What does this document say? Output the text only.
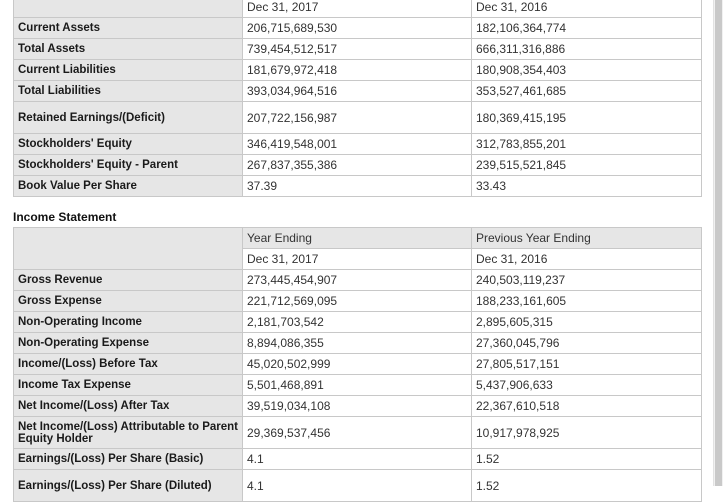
	Dec 31, 2017	Dec 31, 2016
Current Assets	206,715,689,530	182,106,364,774
Total Assets	739,454,512,517	666,311,316,886
Current Liabilities	181,679,972,418	180,908,354,403
Total Liabilities	393,034,964,516	353,527,461,685
Retained Earnings/(Deficit)	207,722,156,987	180,369,415,195
Stockholders' Equity	346,419,548,001	312,783,855,201
Stockholders' Equity - Parent	267,837,355,386	239,515,521,845
Book Value Per Share	37.39	33.43
Income Statement
	Year Ending	Previous Year Ending
	Dec 31, 2017	Dec 31, 2016
Gross Revenue	273,445,454,907	240,503,119,237
Gross Expense	221,712,569,095	188,233,161,605
Non-Operating Income	2,181,703,542	2,895,605,315
Non-Operating Expense	8,894,086,355	27,360,045,796
Income/(Loss) Before Tax	45,020,502,999	27,805,517,151
Income Tax Expense	5,501,468,891	5,437,906,633
Net Income/(Loss) After Tax	39,519,034,108	22,367,610,518
Net Income/(Loss) Attributable to Parent Equity Holder	29,369,537,456	10,917,978,925
Earnings/(Loss) Per Share (Basic)	4.1	1.52
Earnings/(Loss) Per Share (Diluted)	4.1	1.52
